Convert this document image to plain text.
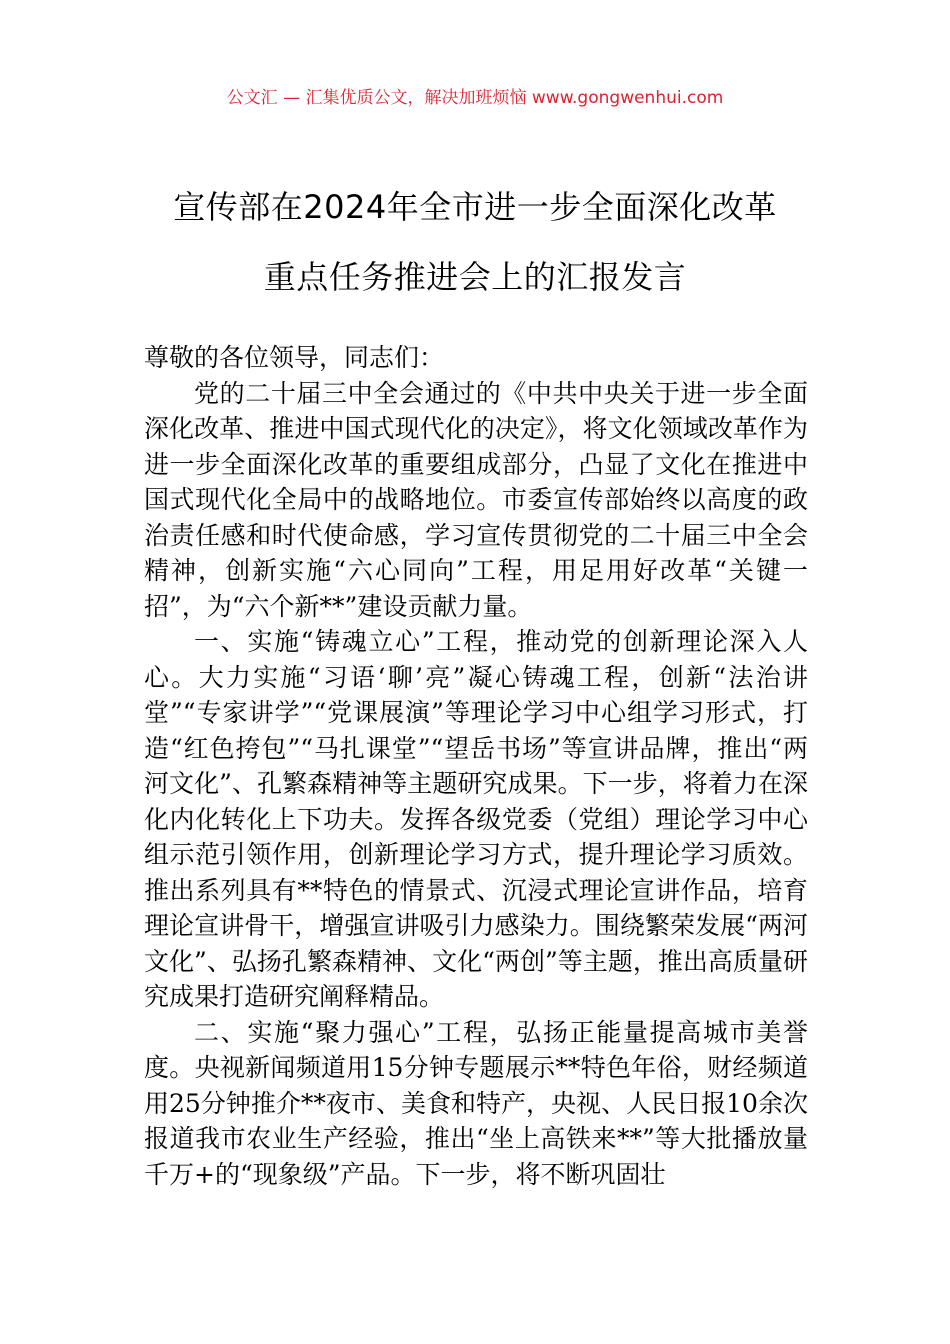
公文汇 — 汇集优质公文，解决加班烦恼 www.gongwenhui.com
宣传部在2024年全市进一步全面深化改革
重点任务推进会上的汇报发言

尊敬的各位领导，同志们：

党的二十届三中全会通过的《中共中央关于进一步全面深化改革、推进中国式现代化的决定》，将文化领域改革作为进一步全面深化改革的重要组成部分，凸显了文化在推进中国式现代化全局中的战略地位。市委宣传部始终以高度的政治责任感和时代使命感，学习宣传贯彻党的二十届三中全会精神，创新实施“六心同向”工程，用足用好改革“关键一招”，为“六个新**”建设贡献力量。

一、实施“铸魂立心”工程，推动党的创新理论深入人心。大力实施“习语‘聊’亮”凝心铸魂工程，创新“法治讲堂”“专家讲学”“党课展演”等理论学习中心组学习形式，打造“红色挎包”“马扎课堂”“望岳书场”等宣讲品牌，推出“两河文化”、孔繁森精神等主题研究成果。下一步，将着力在深化内化转化上下功夫。发挥各级党委（党组）理论学习中心组示范引领作用，创新理论学习方式，提升理论学习质效。推出系列具有**特色的情景式、沉浸式理论宣讲作品，培育理论宣讲骨干，增强宣讲吸引力感染力。围绕繁荣发展“两河文化”、弘扬孔繁森精神、文化“两创”等主题，推出高质量研究成果打造研究阐释精品。

二、实施“聚力强心”工程，弘扬正能量提高城市美誉度。央视新闻频道用15分钟专题展示**特色年俗，财经频道用25分钟推介**夜市、美食和特产，央视、人民日报10余次报道我市农业生产经验，推出“坐上高铁来**”等大批播放量千万+的“现象级”产品。下一步，将不断巩固壮
